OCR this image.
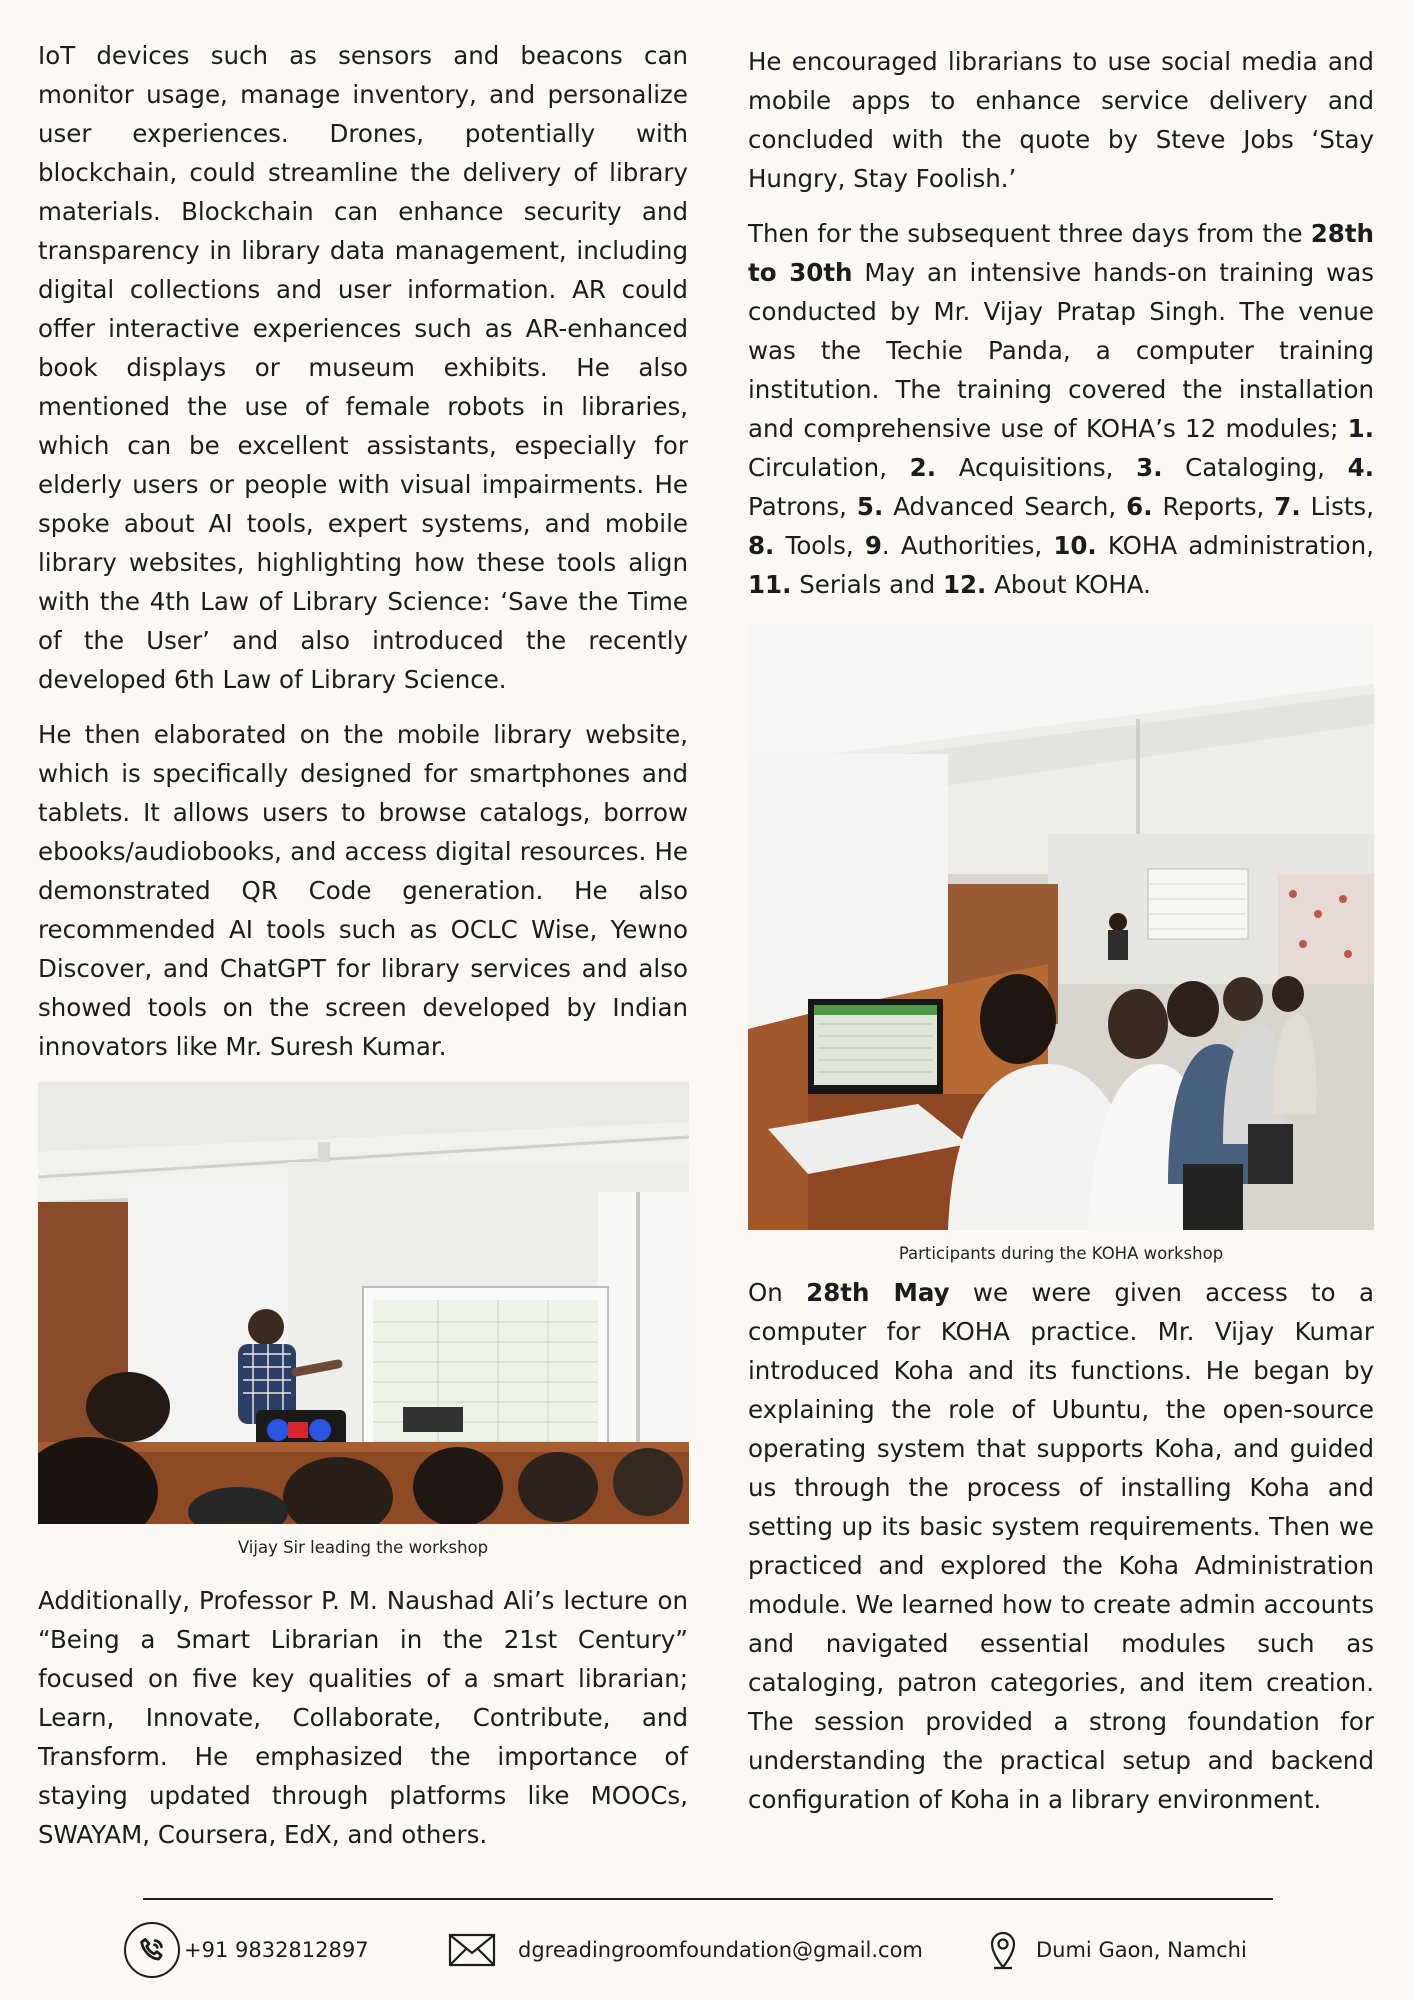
IoT devices such as sensors and beacons can monitor usage, manage inventory, and personalize user experiences. Drones, potentially with blockchain, could streamline the delivery of library materials. Blockchain can enhance security and transparency in library data management, including digital collections and user information. AR could offer interactive experiences such as AR-enhanced book displays or museum exhibits. He also mentioned the use of female robots in libraries, which can be excellent assistants, especially for elderly users or people with visual impairments. He spoke about AI tools, expert systems, and mobile library websites, highlighting how these tools align with the 4th Law of Library Science: ‘Save the Time of the User’ and also introduced the recently developed 6th Law of Library Science.

He then elaborated on the mobile library website, which is specifically designed for smartphones and tablets. It allows users to browse catalogs, borrow ebooks/audiobooks, and access digital resources. He demonstrated QR Code generation. He also recommended AI tools such as OCLC Wise, Yewno Discover, and ChatGPT for library services and also showed tools on the screen developed by Indian innovators like Mr. Suresh Kumar.

Vijay Sir leading the workshop

Additionally, Professor P. M. Naushad Ali’s lecture on “Being a Smart Librarian in the 21st Century” focused on five key qualities of a smart librarian; Learn, Innovate, Collaborate, Contribute, and Transform. He emphasized the importance of staying updated through platforms like MOOCs, SWAYAM, Coursera, EdX, and others.

He encouraged librarians to use social media and mobile apps to enhance service delivery and concluded with the quote by Steve Jobs ‘Stay Hungry, Stay Foolish.’

Then for the subsequent three days from the 28th to 30th May an intensive hands-on training was conducted by Mr. Vijay Pratap Singh. The venue was the Techie Panda, a computer training institution. The training covered the installation and comprehensive use of KOHA’s 12 modules; 1. Circulation, 2. Acquisitions, 3. Cataloging, 4. Patrons, 5. Advanced Search, 6. Reports, 7. Lists, 8. Tools, 9. Authorities, 10. KOHA administration, 11. Serials and 12. About KOHA.

Participants during the KOHA workshop

On 28th May we were given access to a computer for KOHA practice. Mr. Vijay Kumar introduced Koha and its functions. He began by explaining the role of Ubuntu, the open-source operating system that supports Koha, and guided us through the process of installing Koha and setting up its basic system requirements. Then we practiced and explored the Koha Administration module. We learned how to create admin accounts and navigated essential modules such as cataloging, patron categories, and item creation. The session provided a strong foundation for understanding the practical setup and backend configuration of Koha in a library environment.

+91 9832812897	dgreadingroomfoundation@gmail.com	Dumi Gaon, Namchi
